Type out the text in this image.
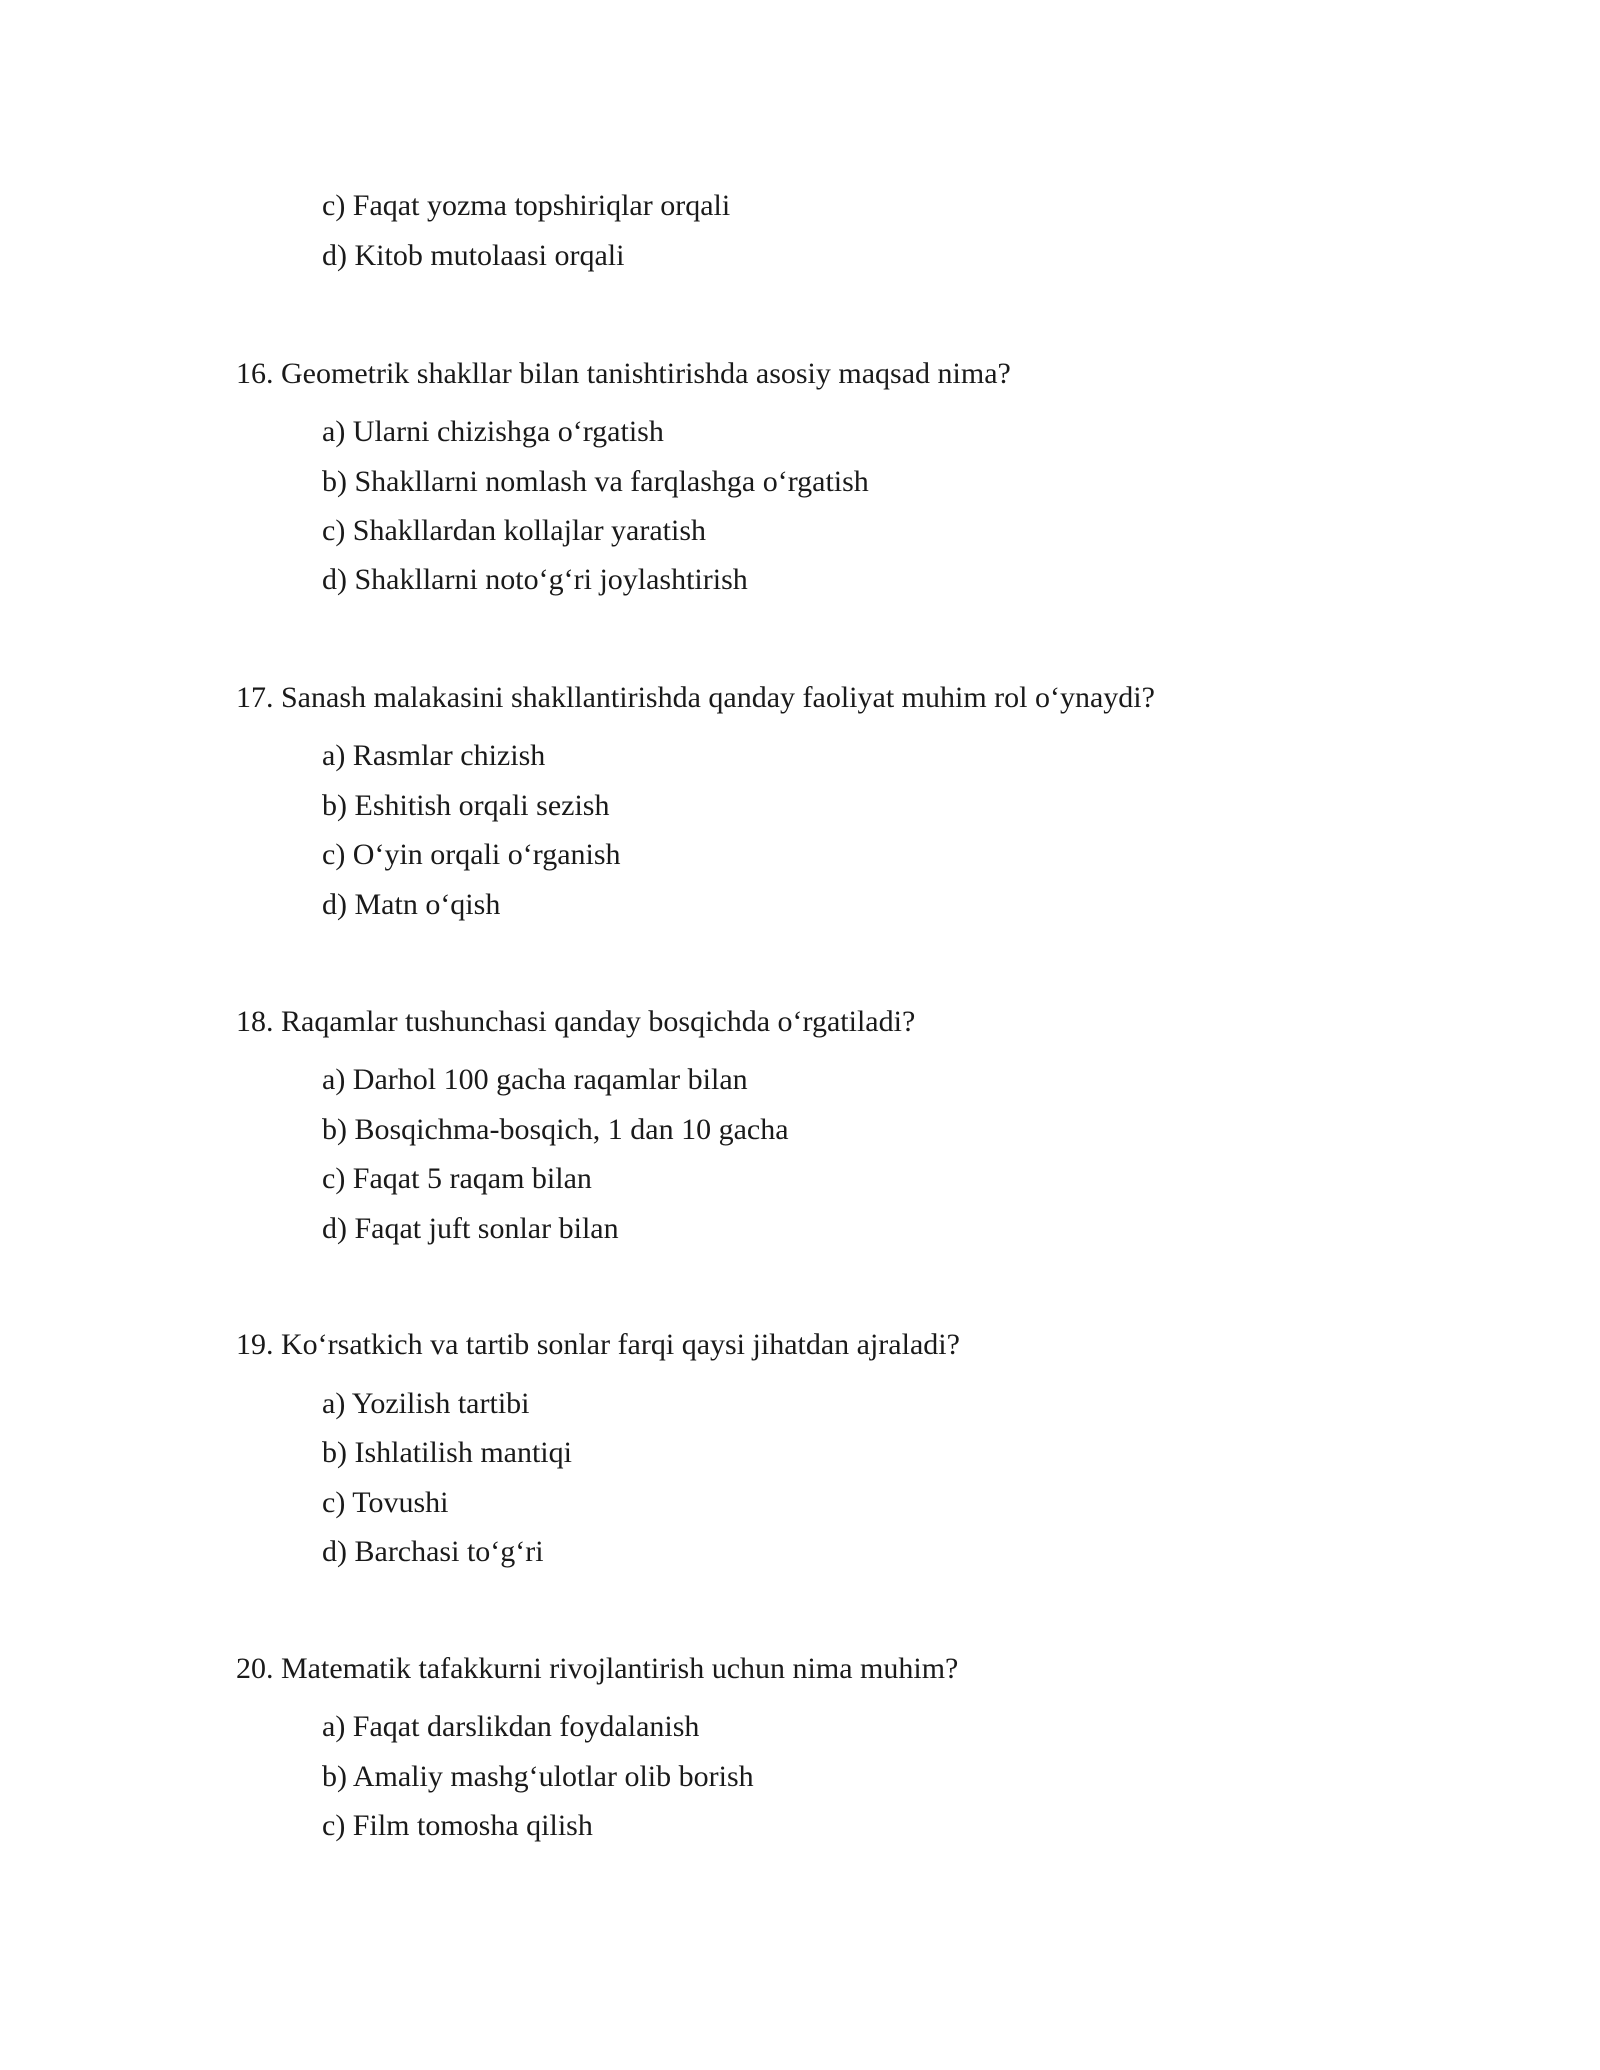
c) Faqat yozma topshiriqlar orqali
d) Kitob mutolaasi orqali
16. Geometrik shakllar bilan tanishtirishda asosiy maqsad nima?
a) Ularni chizishga o‘rgatish
b) Shakllarni nomlash va farqlashga o‘rgatish
c) Shakllardan kollajlar yaratish
d) Shakllarni noto‘g‘ri joylashtirish
17. Sanash malakasini shakllantirishda qanday faoliyat muhim rol o‘ynaydi?
a) Rasmlar chizish
b) Eshitish orqali sezish
c) O‘yin orqali o‘rganish
d) Matn o‘qish
18. Raqamlar tushunchasi qanday bosqichda o‘rgatiladi?
a) Darhol 100 gacha raqamlar bilan
b) Bosqichma-bosqich, 1 dan 10 gacha
c) Faqat 5 raqam bilan
d) Faqat juft sonlar bilan
19. Ko‘rsatkich va tartib sonlar farqi qaysi jihatdan ajraladi?
a) Yozilish tartibi
b) Ishlatilish mantiqi
c) Tovushi
d) Barchasi to‘g‘ri
20. Matematik tafakkurni rivojlantirish uchun nima muhim?
a) Faqat darslikdan foydalanish
b) Amaliy mashg‘ulotlar olib borish
c) Film tomosha qilish
